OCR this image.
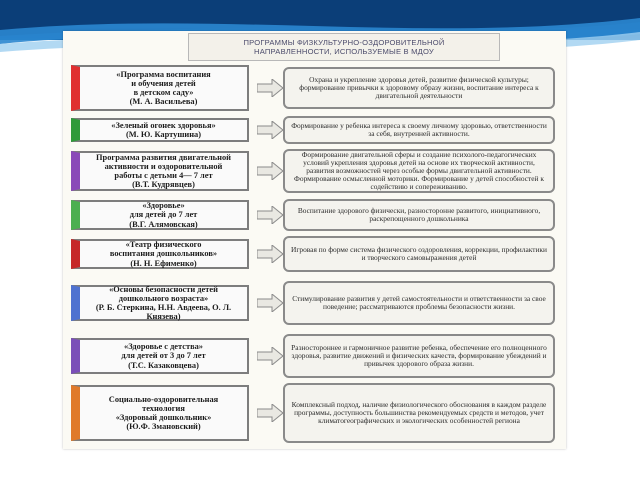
ПРОГРАММЫ ФИЗКУЛЬТУРНО-ОЗДОРОВИТЕЛЬНОЙ
НАПРАВЛЕННОСТИ, ИСПОЛЬЗУЕМЫЕ В МДОУ
«Программа воспитания
и обучения детей
в детском саду»
(М. А. Васильева)
Охрана и укрепление здоровья детей, развитие физической культуры; формирование привычки к здоровому образу жизни, воспитание интереса к двигательной деятельности
«Зеленый огонек здоровья»
(М. Ю. Картушина)
Формирование у ребенка интереса к своему личному здоровью, ответственности за себя, внутренней активности.
Программа развития двигательной
активности и оздоровительной
работы с детьми 4— 7 лет
(В.Т. Кудрявцев)
Формирование двигательной сферы и создание психолого-педагогических условий укрепления здоровья детей на основе их творческой активности, развития возможностей через особые формы двигательной активности. Формирование осмысленной моторики. Формирование у детей способностей к содействию и сопереживанию.
«Здоровье»
для детей до 7 лет
(В.Г. Алямовская)
Воспитание здорового физически, разносторонне развитого, инициативного, раскрепощенного дошкольника
«Театр физического
воспитания дошкольников»
(Н. Н. Ефименко)
Игровая по форме система физического оздоровления, коррекции, профилактики и творческого самовыражения детей
«Основы безопасности детей
дошкольного возраста»
(Р. Б. Стеркина, Н.Н. Авдеева, О. Л. Князева)
Стимулирование развития у детей самостоятельности и ответственности за свое поведение; рассматриваются проблемы безопасности жизни.
«Здоровье с детства»
для детей от 3 до 7 лет
(Т.С. Казаковцева)
Разностороннее и гармоничное развитие ребенка, обеспечение его полноценного здоровья, развитие движений и физических качеств, формирование убеждений и привычек здорового образа жизни.
Социально-оздоровительная
технология
«Здоровый дошкольник»
(Ю.Ф. Змановский)
Комплексный подход, наличие физиологического обоснования в каждом разделе программы, доступность большинства рекомендуемых средств и методов, учет климатогеографических и экологических особенностей региона
